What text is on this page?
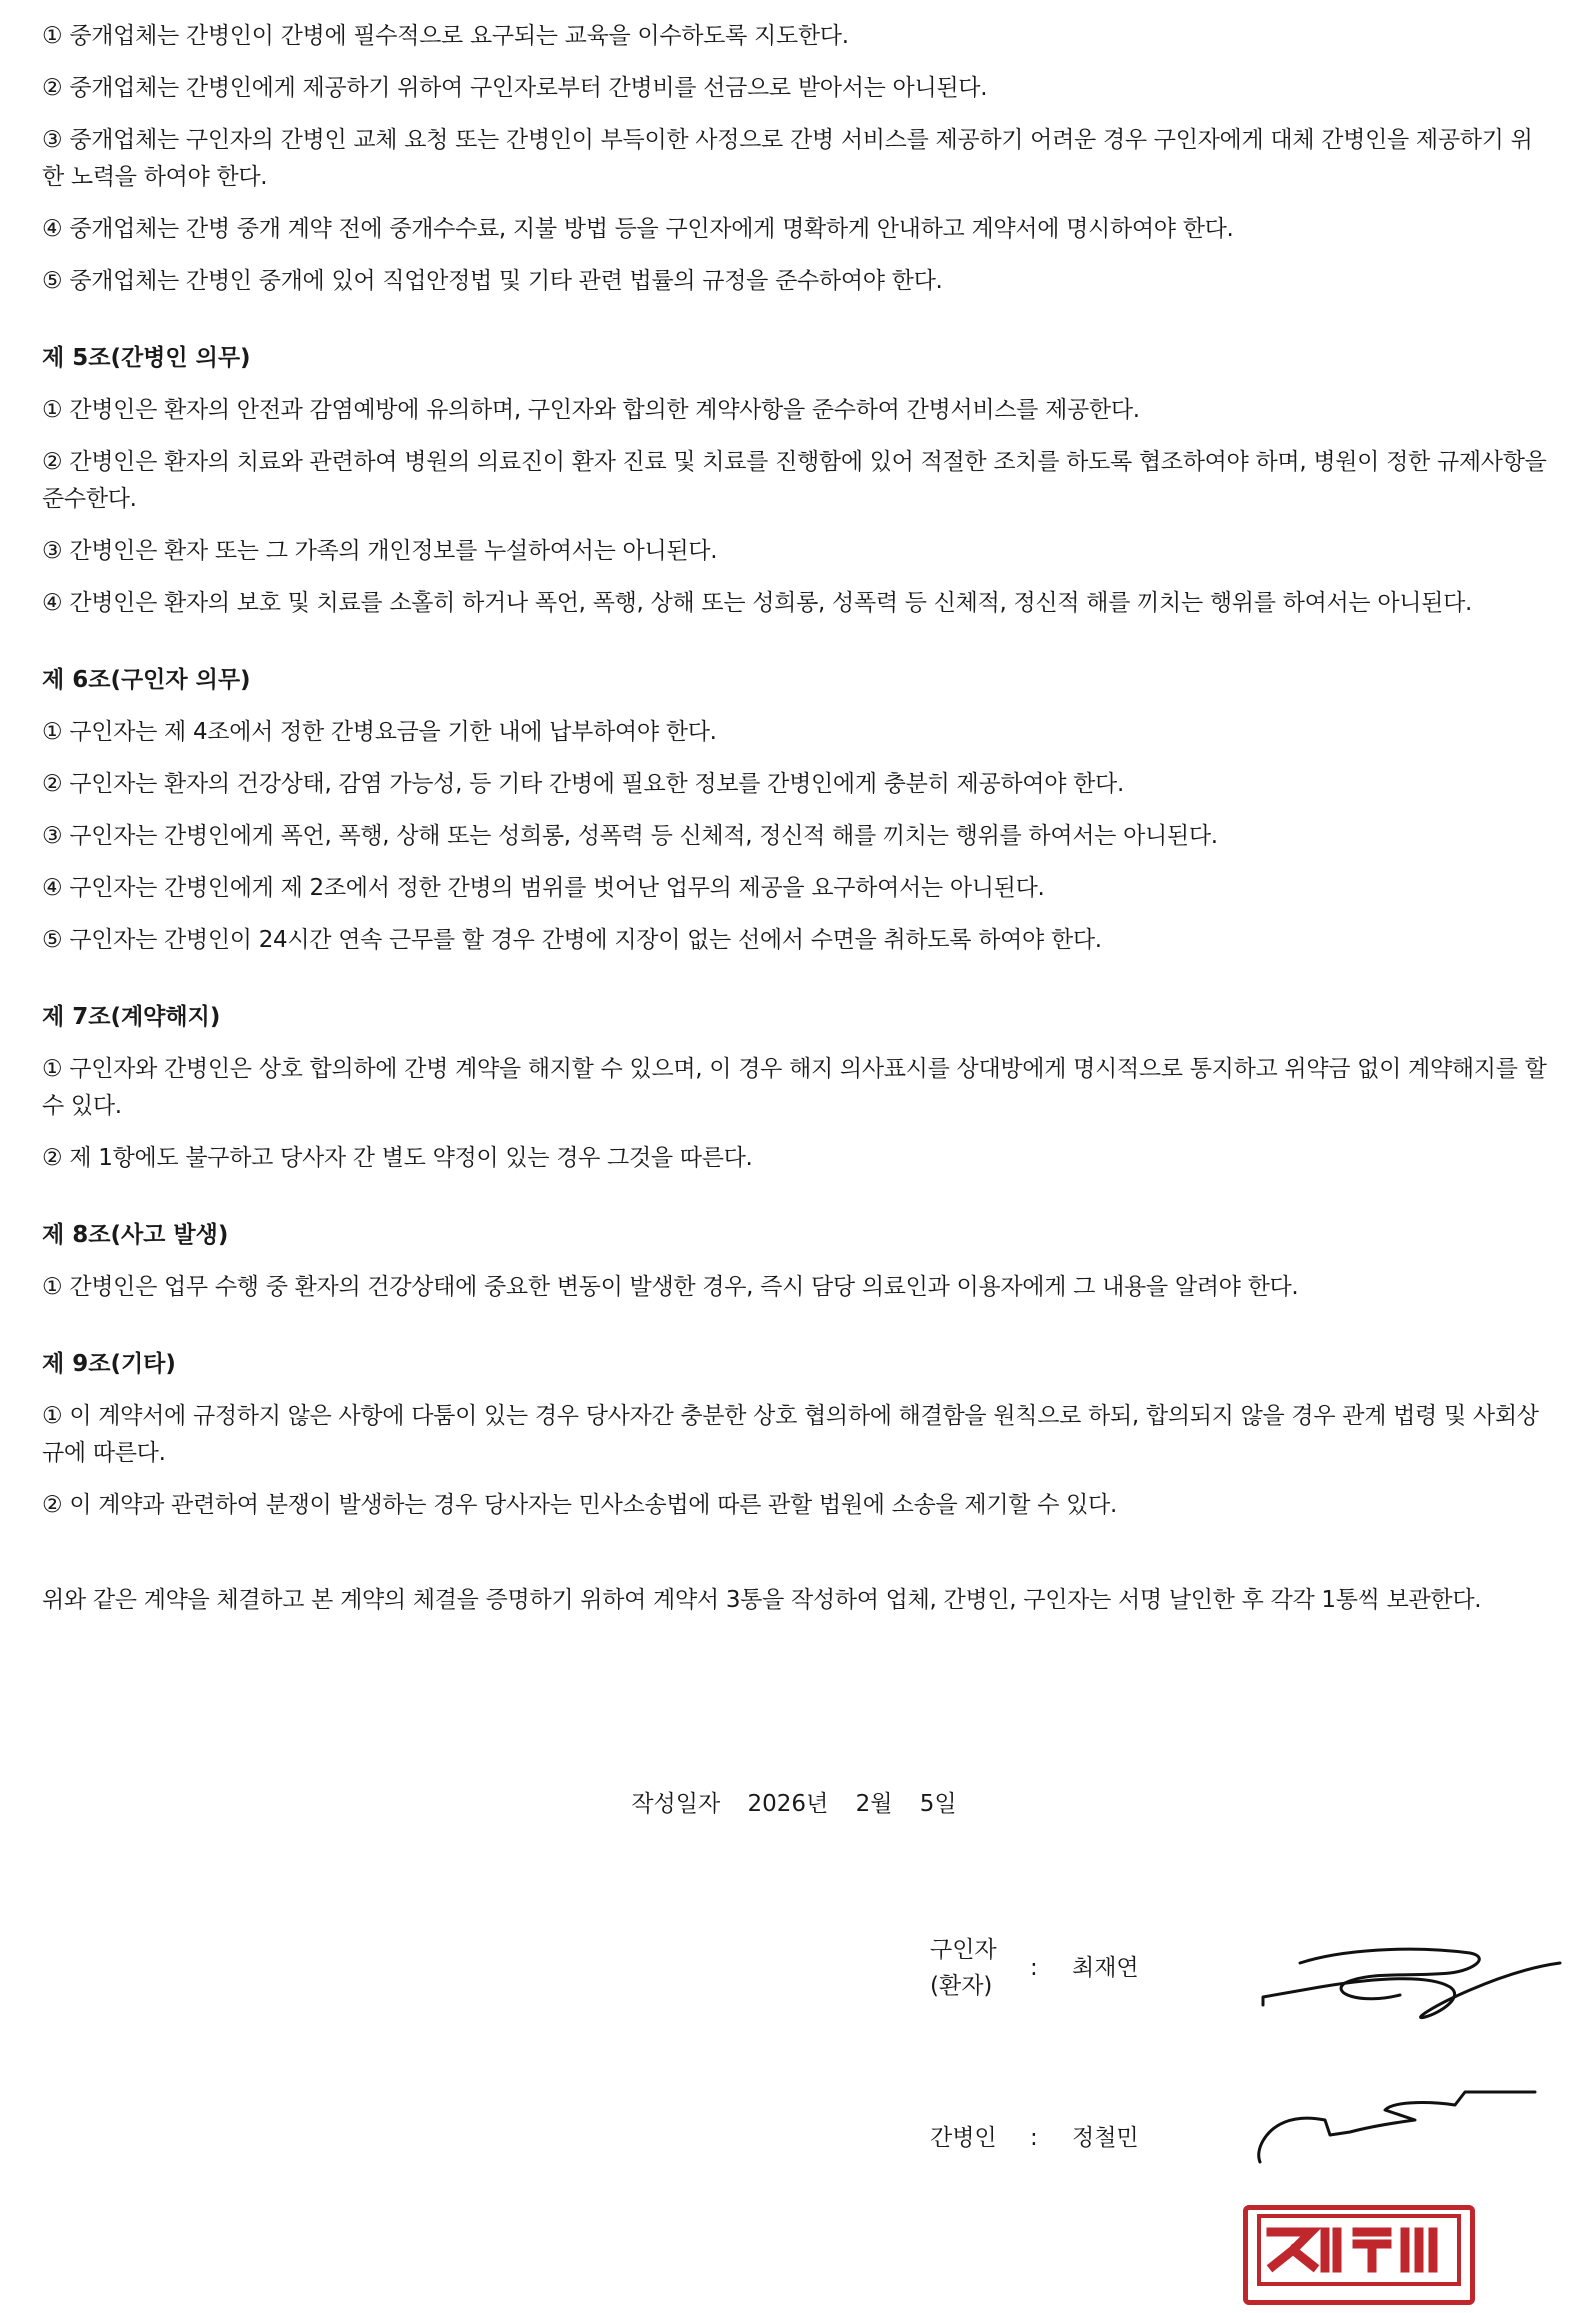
① 중개업체는 간병인이 간병에 필수적으로 요구되는 교육을 이수하도록 지도한다.

② 중개업체는 간병인에게 제공하기 위하여 구인자로부터 간병비를 선금으로 받아서는 아니된다.

③ 중개업체는 구인자의 간병인 교체 요청 또는 간병인이 부득이한 사정으로 간병 서비스를 제공하기 어려운 경우 구인자에게 대체 간병인을 제공하기 위한 노력을 하여야 한다.

④ 중개업체는 간병 중개 계약 전에 중개수수료, 지불 방법 등을 구인자에게 명확하게 안내하고 계약서에 명시하여야 한다.

⑤ 중개업체는 간병인 중개에 있어 직업안정법 및 기타 관련 법률의 규정을 준수하여야 한다.

제 5조(간병인 의무)

① 간병인은 환자의 안전과 감염예방에 유의하며, 구인자와 합의한 계약사항을 준수하여 간병서비스를 제공한다.

② 간병인은 환자의 치료와 관련하여 병원의 의료진이 환자 진료 및 치료를 진행함에 있어 적절한 조치를 하도록 협조하여야 하며, 병원이 정한 규제사항을 준수한다.

③ 간병인은 환자 또는 그 가족의 개인정보를 누설하여서는 아니된다.

④ 간병인은 환자의 보호 및 치료를 소홀히 하거나 폭언, 폭행, 상해 또는 성희롱, 성폭력 등 신체적, 정신적 해를 끼치는 행위를 하여서는 아니된다.

제 6조(구인자 의무)

① 구인자는 제 4조에서 정한 간병요금을 기한 내에 납부하여야 한다.

② 구인자는 환자의 건강상태, 감염 가능성, 등 기타 간병에 필요한 정보를 간병인에게 충분히 제공하여야 한다.

③ 구인자는 간병인에게 폭언, 폭행, 상해 또는 성희롱, 성폭력 등 신체적, 정신적 해를 끼치는 행위를 하여서는 아니된다.

④ 구인자는 간병인에게 제 2조에서 정한 간병의 범위를 벗어난 업무의 제공을 요구하여서는 아니된다.

⑤ 구인자는 간병인이 24시간 연속 근무를 할 경우 간병에 지장이 없는 선에서 수면을 취하도록 하여야 한다.

제 7조(계약해지)

① 구인자와 간병인은 상호 합의하에 간병 계약을 해지할 수 있으며, 이 경우 해지 의사표시를 상대방에게 명시적으로 통지하고 위약금 없이 계약해지를 할 수 있다.

② 제 1항에도 불구하고 당사자 간 별도 약정이 있는 경우 그것을 따른다.

제 8조(사고 발생)

① 간병인은 업무 수행 중 환자의 건강상태에 중요한 변동이 발생한 경우, 즉시 담당 의료인과 이용자에게 그 내용을 알려야 한다.

제 9조(기타)

① 이 계약서에 규정하지 않은 사항에 다툼이 있는 경우 당사자간 충분한 상호 협의하에 해결함을 원칙으로 하되, 합의되지 않을 경우 관계 법령 및 사회상규에 따른다.

② 이 계약과 관련하여 분쟁이 발생하는 경우 당사자는 민사소송법에 따른 관할 법원에 소송을 제기할 수 있다.

위와 같은 계약을 체결하고 본 계약의 체결을 증명하기 위하여 계약서 3통을 작성하여 업체, 간병인, 구인자는 서명 날인한 후 각각 1통씩 보관한다.

작성일자 2026년 2월 5일
구인자
(환자)
: 최재연
간병인 : 정철민
